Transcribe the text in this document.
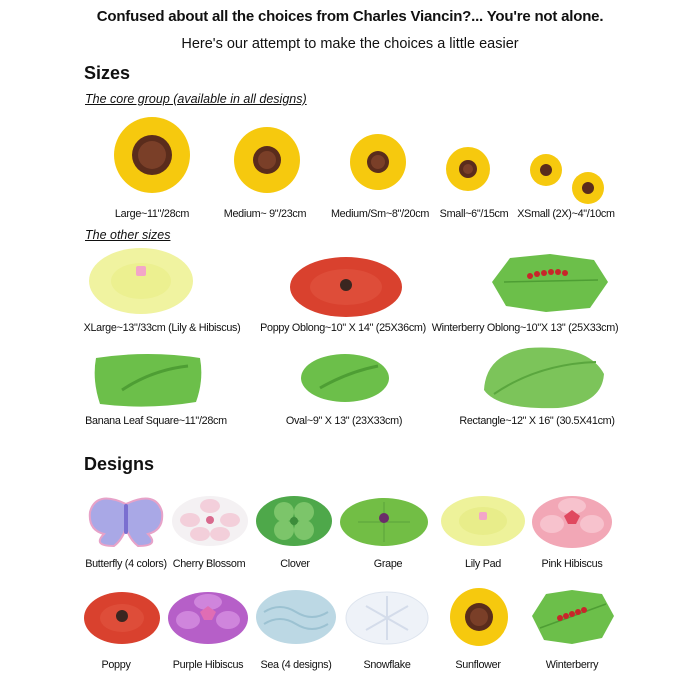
Confused about all the choices from Charles Viancin?... You're not alone.
Here's our attempt to make the choices a little easier
Sizes
The core group (available in all designs)
Large~11"/28cm	Medium~ 9"/23cm Medium/Sm~8"/20cm Small~6"/15cm XSmall (2X)~4"/10cm
The other sizes
XLarge~13"/33cm (Lily & Hibiscus) Poppy Oblong~10" X 14" (25X36cm) Winterberry Oblong~10"X 13" (25X33cm)
Banana Leaf Square~11"/28cm	Oval~9" X 13" (23X33cm)	Rectangle~12" X 16" (30.5X41cm)
Designs
Butterfly (4 colors) Cherry Blossom	Clover	Grape	Lily Pad	Pink Hibiscus
Poppy	Purple Hibiscus Sea (4 designs)	Snowflake	Sunflower	Winterberry
